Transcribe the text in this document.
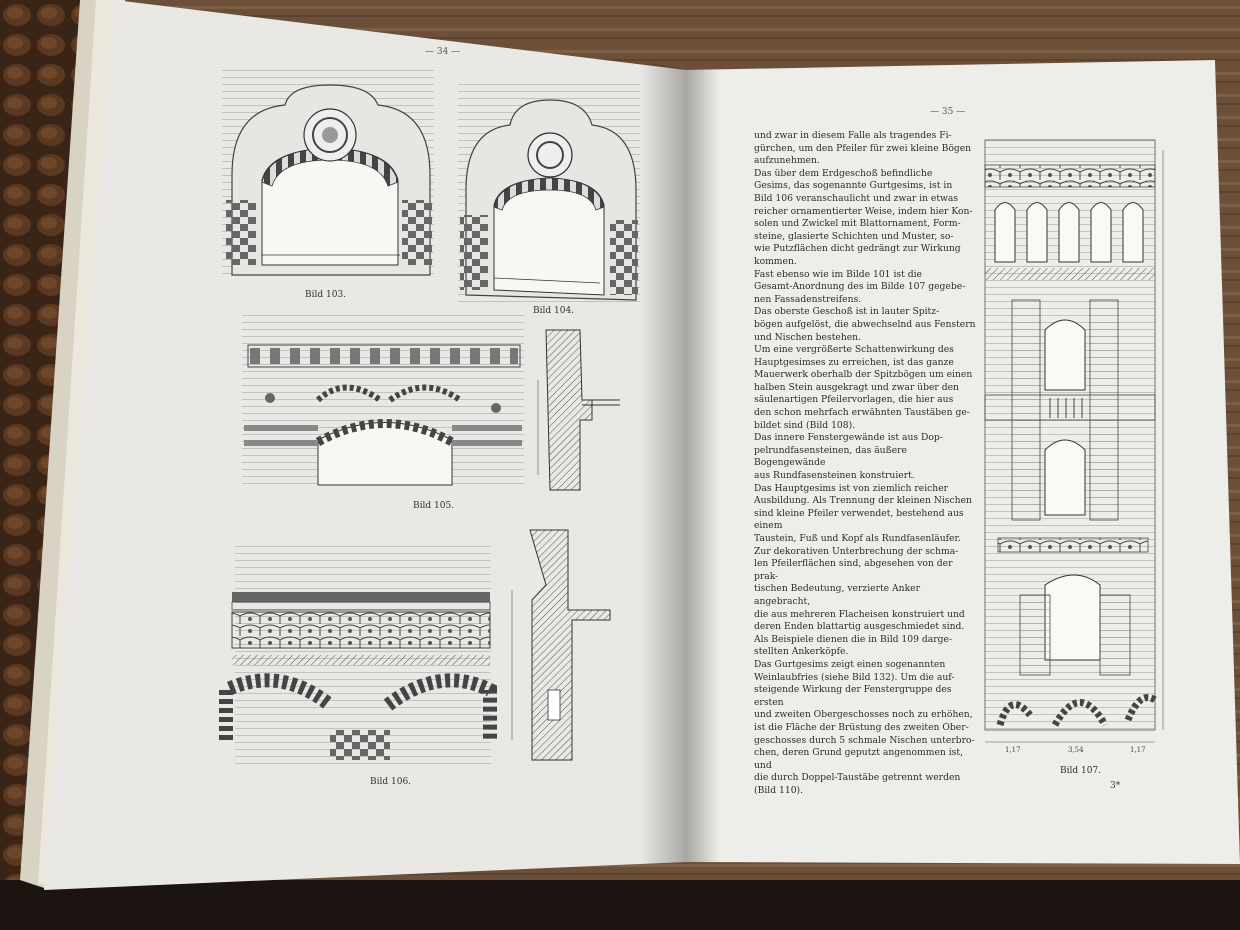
Bild 103.
Bild 104.
Bild 105.
Bild 106.
1,17	3,54	1,17
— 34 —
— 35 —
und zwar in diesem Falle als tragendes Fi-
gürchen, um den Pfeiler für zwei kleine Bögen
aufzunehmen.
Das über dem Erdgeschoß befindliche
Gesims, das sogenannte Gurtgesims, ist in
Bild 106 veranschaulicht und zwar in etwas
reicher ornamentierter Weise, indem hier Kon-
solen und Zwickel mit Blattornament, Form-
steine, glasierte Schichten und Muster, so-
wie Putzflächen dicht gedrängt zur Wirkung
kommen.
Fast ebenso wie im Bilde 101 ist die
Gesamt-Anordnung des im Bilde 107 gegebe-
nen Fassadenstreifens.
Das oberste Geschoß ist in lauter Spitz-
bögen aufgelöst, die abwechselnd aus Fenstern
und Nischen bestehen.
Um eine vergrößerte Schattenwirkung des
Hauptgesimses zu erreichen, ist das ganze
Mauerwerk oberhalb der Spitzbögen um einen
halben Stein ausgekragt und zwar über den
säulenartigen Pfeilervorlagen, die hier aus
den schon mehrfach erwähnten Taustäben ge-
bildet sind (Bild 108).
Das innere Fenstergewände ist aus Dop-
pelrundfasensteinen, das äußere Bogengewände
aus Rundfasensteinen konstruiert.
Das Hauptgesims ist von ziemlich reicher
Ausbildung. Als Trennung der kleinen Nischen
sind kleine Pfeiler verwendet, bestehend aus einem
Taustein, Fuß und Kopf als Rundfasenläufer.
Zur dekorativen Unterbrechung der schma-
len Pfeilerflächen sind, abgesehen von der prak-
tischen Bedeutung, verzierte Anker angebracht,
die aus mehreren Flacheisen konstruiert und
deren Enden blattartig ausgeschmiedet sind.
Als Beispiele dienen die in Bild 109 darge-
stellten Ankerköpfe.
Das Gurtgesims zeigt einen sogenannten
Weinlaubfries (siehe Bild 132). Um die auf-
steigende Wirkung der Fenstergruppe des ersten
und zweiten Obergeschosses noch zu erhöhen,
ist die Fläche der Brüstung des zweiten Ober-
geschosses durch 5 schmale Nischen unterbro-
chen, deren Grund geputzt angenommen ist, und
die durch Doppel-Taustäbe getrennt werden
(Bild 110).
Bild 107.
3*
